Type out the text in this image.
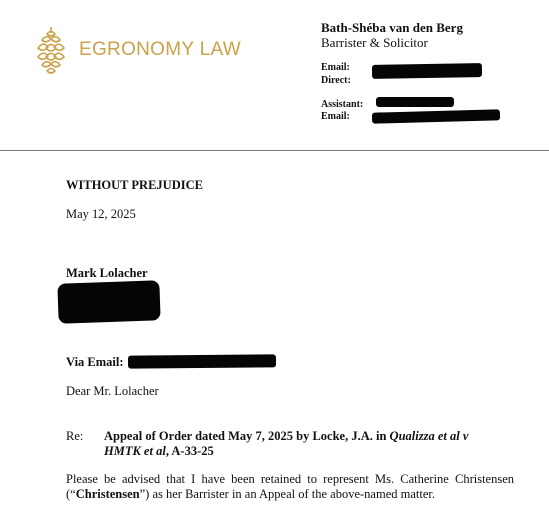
EGRONOMY LAW
Bath-Shéba van den Berg
Barrister & Solicitor
Email:
Direct:
Assistant:
Email:
WITHOUT PREJUDICE
May 12, 2025
Mark Lolacher
Via Email:
Dear Mr. Lolacher
Re: Appeal of Order dated May 7, 2025 by Locke, J.A. in Qualizza et al v
HMTK et al, A-33-25
Please be advised that I have been retained to represent Ms. Catherine Christensen (“Christensen”) as her Barrister in an Appeal of the above-named matter.
